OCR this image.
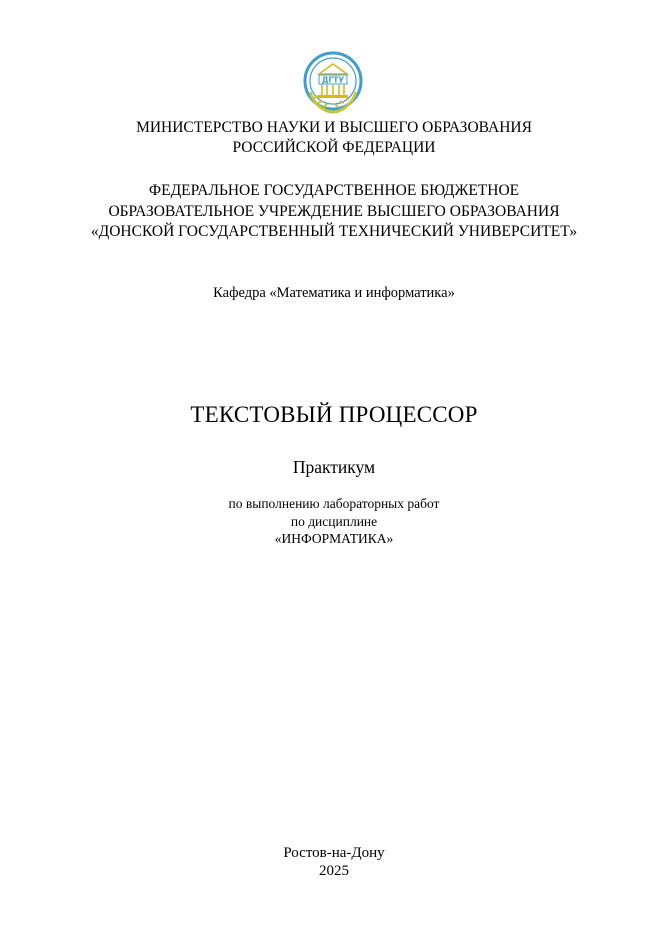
ДГТУ
МИНИСТЕРСТВО НАУКИ И ВЫСШЕГО ОБРАЗОВАНИЯ
РОССИЙСКОЙ ФЕДЕРАЦИИ
ФЕДЕРАЛЬНОЕ ГОСУДАРСТВЕННОЕ БЮДЖЕТНОЕ
ОБРАЗОВАТЕЛЬНОЕ УЧРЕЖДЕНИЕ ВЫСШЕГО ОБРАЗОВАНИЯ
«ДОНСКОЙ ГОСУДАРСТВЕННЫЙ ТЕХНИЧЕСКИЙ УНИВЕРСИТЕТ»
Кафедра «Математика и информатика»
ТЕКСТОВЫЙ ПРОЦЕССОР
Практикум
по выполнению лабораторных работ
по дисциплине
«ИНФОРМАТИКА»
Ростов-на-Дону
2025
